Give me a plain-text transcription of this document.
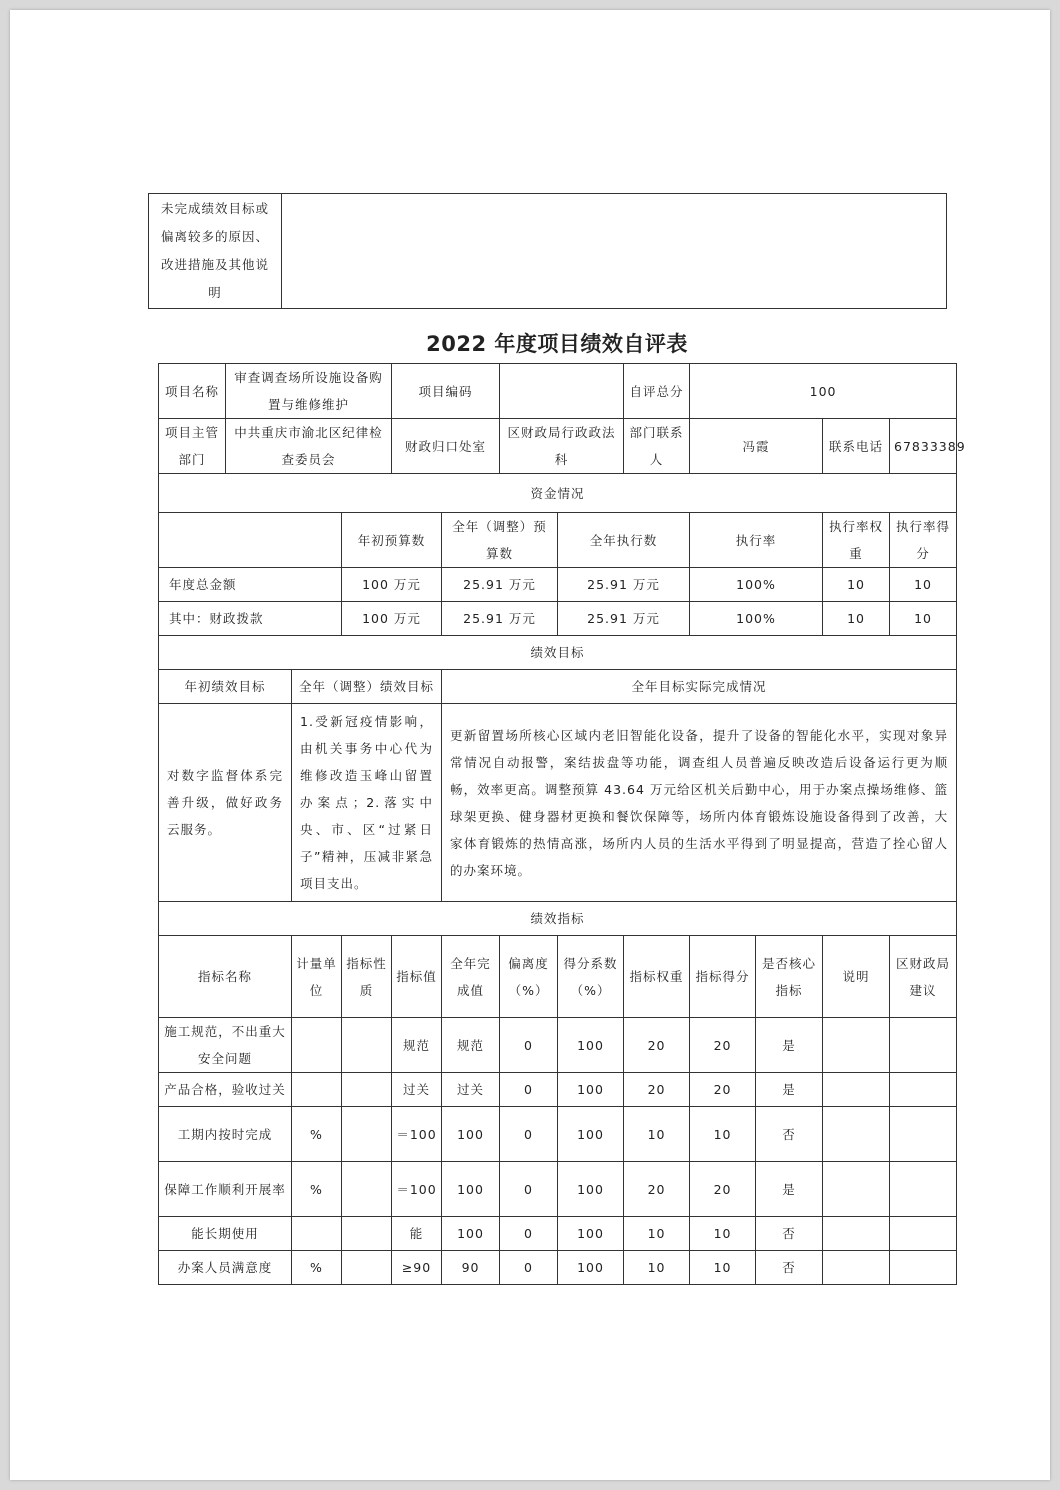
未完成绩效目标或偏离较多的原因、改进措施及其他说明	
2022 年度项目绩效自评表
项目名称	审查调查场所设施设备购置与维修维护			项目编码				自评总分	100			
项目主管部门	中共重庆市渝北区纪律检查委员会			财政归口处室		区财政局行政政法科		部门联系人	冯霞		联系电话	67833389
资金情况												
			年初预算数		全年（调整）预算数		全年执行数		执行率		执行率权重	执行率得分
年度总金额			100 万元		25.91 万元		25.91 万元		100%		10	10
其中：财政拨款			100 万元		25.91 万元		25.91 万元		100%		10	10
绩效目标												
年初绩效目标		全年（调整）绩效目标			全年目标实际完成情况							
对数字监督体系完善升级，做好政务云服务。		1.受新冠疫情影响，由机关事务中心代为维修改造玉峰山留置办案点；2.落实中央、市、区“过紧日子”精神，压减非紧急项目支出。			更新留置场所核心区域内老旧智能化设备，提升了设备的智能化水平，实现对象异常情况自动报警，案结拔盘等功能，调查组人员普遍反映改造后设备运行更为顺畅，效率更高。调整预算 43.64 万元给区机关后勤中心，用于办案点操场维修、篮球架更换、健身器材更换和餐饮保障等，场所内体育锻炼设施设备得到了改善，大家体育锻炼的热情高涨，场所内人员的生活水平得到了明显提高，营造了拴心留人的办案环境。							
绩效指标												
指标名称		计量单位	指标性质	指标值	全年完成值	偏离度（%）	得分系数（%）	指标权重	指标得分	是否核心指标	说明	区财政局建议
施工规范，不出重大安全问题				规范	规范	0	100	20	20	是		
产品合格，验收过关				过关	过关	0	100	20	20	是		
工期内按时完成		%		＝100	100	0	100	10	10	否		
保障工作顺利开展率		%		＝100	100	0	100	20	20	是		
能长期使用				能	100	0	100	10	10	否		
办案人员满意度		%		≥90	90	0	100	10	10	否		
